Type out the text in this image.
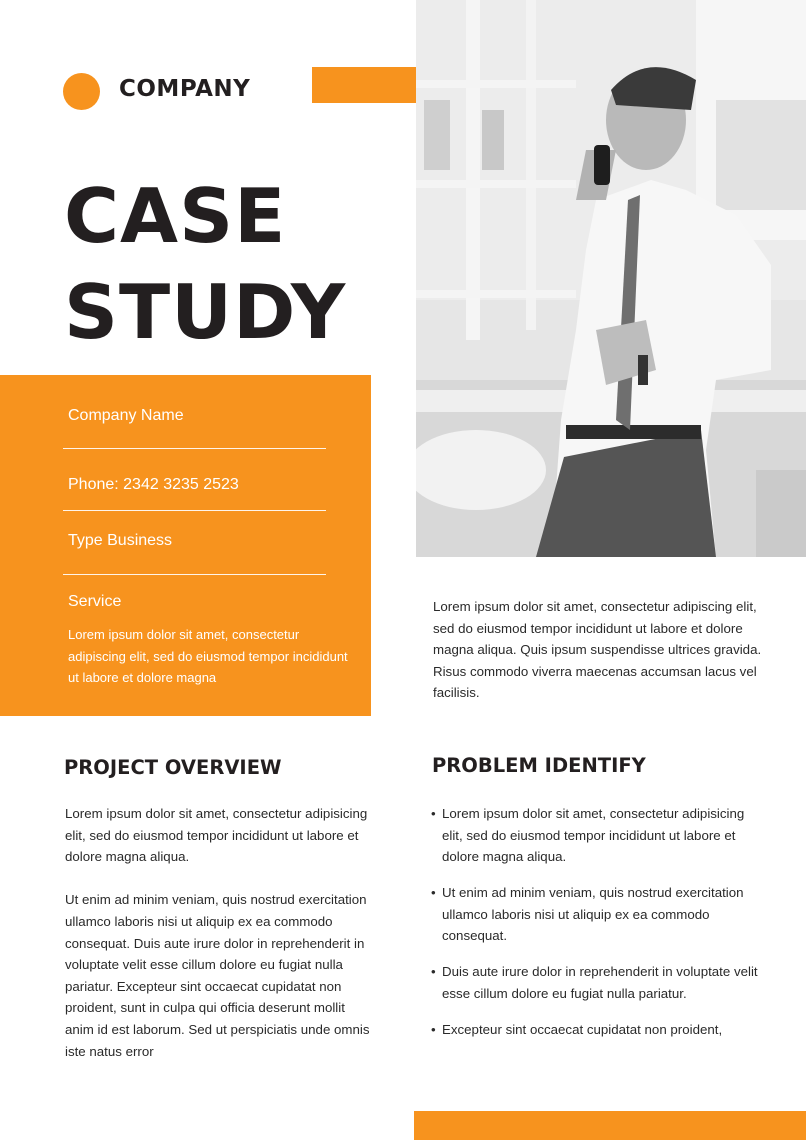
COMPANY
CASE
STUDY
Company Name
Phone: 2342 3235 2523
Type Business
Service
Lorem ipsum dolor sit amet, consectetur adipiscing elit, sed do eiusmod tempor incididunt ut labore et dolore magna
Lorem ipsum dolor sit amet, consectetur adipiscing elit, sed do eiusmod tempor incididunt ut labore et dolore magna aliqua. Quis ipsum suspendisse ultrices gravida. Risus commodo viverra maecenas accumsan lacus vel facilisis.
PROJECT OVERVIEW

Lorem ipsum dolor sit amet, consectetur adipisicing elit, sed do eiusmod tempor incididunt ut labore et dolore magna aliqua.

Ut enim ad minim veniam, quis nostrud exercitation ullamco laboris nisi ut aliquip ex ea commodo consequat. Duis aute irure dolor in reprehenderit in voluptate velit esse cillum dolore eu fugiat nulla pariatur. Excepteur sint occaecat cupidatat non proident, sunt in culpa qui officia deserunt mollit anim id est laborum. Sed ut perspiciatis unde omnis iste natus error

PROBLEM IDENTIFY
• Lorem ipsum dolor sit amet, consectetur adipisicing elit, sed do eiusmod tempor incididunt ut labore et dolore magna aliqua.
• Ut enim ad minim veniam, quis nostrud exercitation ullamco laboris nisi ut aliquip ex ea commodo consequat.
• Duis aute irure dolor in reprehenderit in voluptate velit esse cillum dolore eu fugiat nulla pariatur.
• Excepteur sint occaecat cupidatat non proident,
